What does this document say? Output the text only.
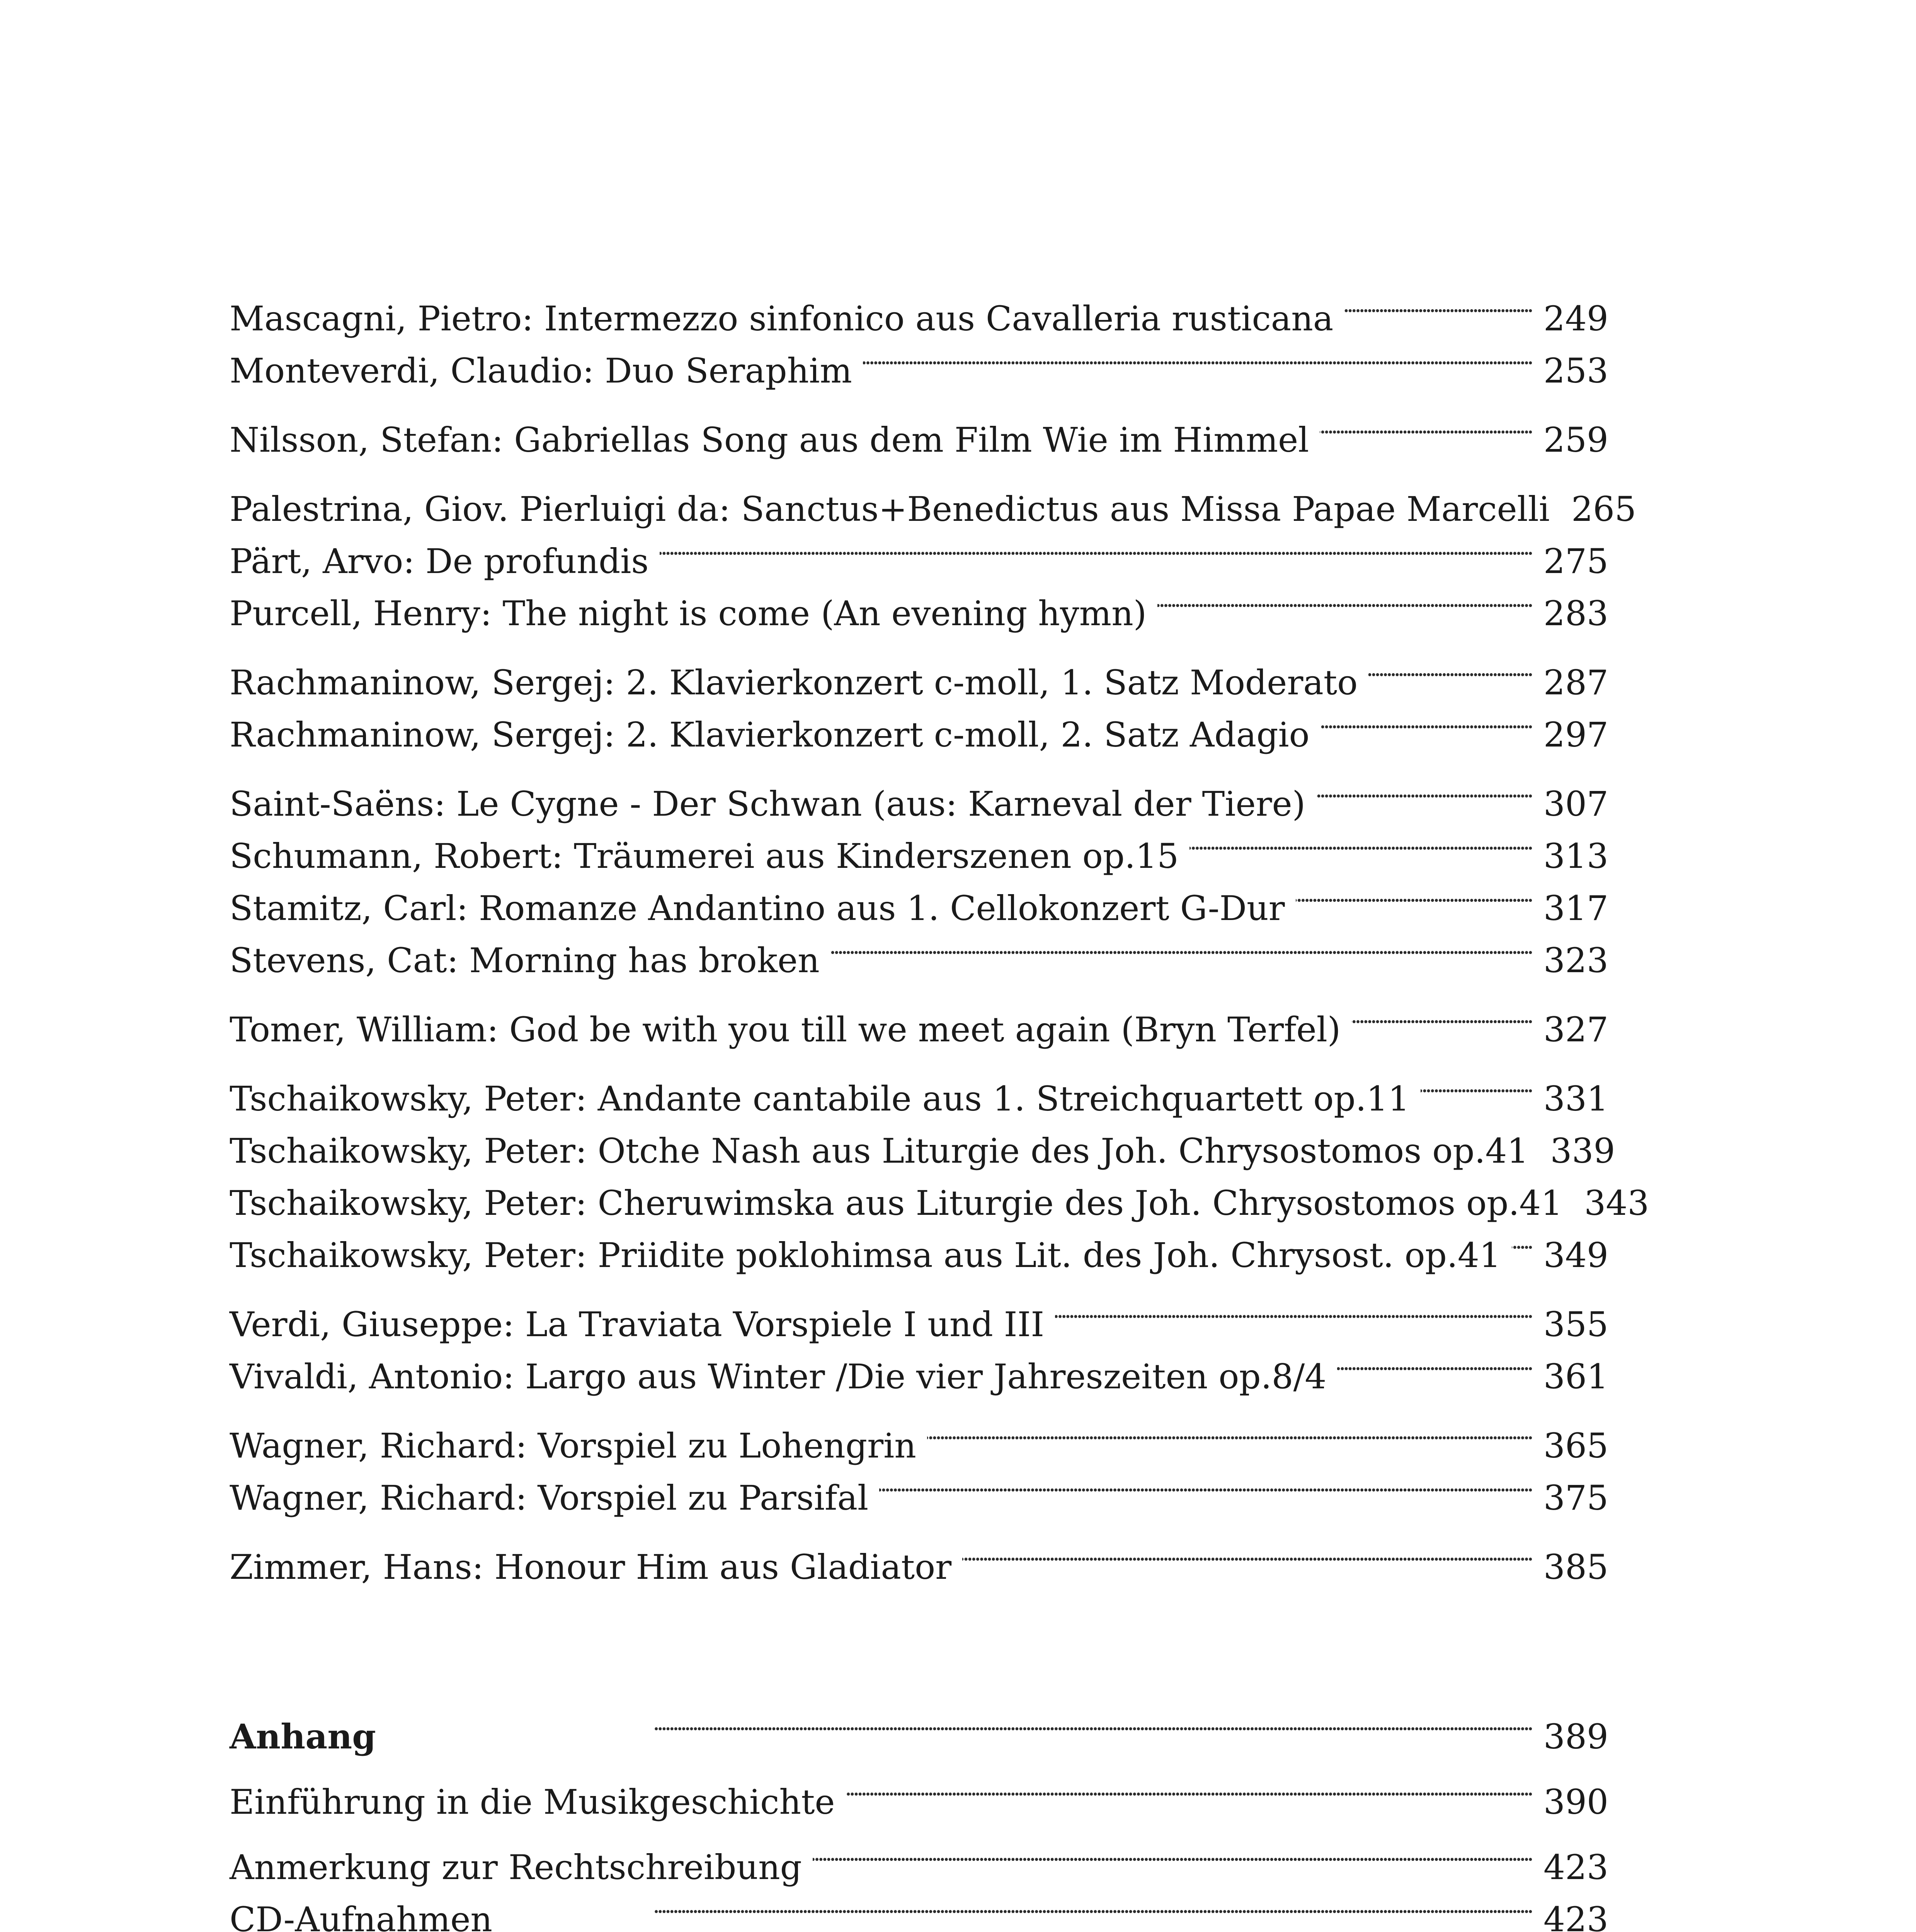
Mascagni, Pietro: Intermezzo sinfonico aus Cavalleria rusticana . . .	249
Monteverdi, Claudio: Duo Seraphim . . .	253
Nilsson, Stefan: Gabriellas Song aus dem Film Wie im Himmel . . .	259
Palestrina, Giov. Pierluigi da: Sanctus+Benedictus aus Missa Papae Marcelli 265
Pärt, Arvo: De profundis . . .	275
Purcell, Henry: The night is come (An evening hymn) . . .	283
Rachmaninow, Sergej: 2. Klavierkonzert c-moll, 1. Satz Moderato . . .	287
Rachmaninow, Sergej: 2. Klavierkonzert c-moll, 2. Satz Adagio . . .	297
Saint-Saëns: Le Cygne - Der Schwan (aus: Karneval der Tiere) . . .	307
Schumann, Robert: Träumerei aus Kinderszenen op.15 . . .	313
Stamitz, Carl: Romanze Andantino aus 1. Cellokonzert G-Dur . . .	317
Stevens, Cat: Morning has broken . . .	323
Tomer, William: God be with you till we meet again (Bryn Terfel) . . .	327
Tschaikowsky, Peter: Andante cantabile aus 1. Streichquartett op.11 . . .	331
Tschaikowsky, Peter: Otche Nash aus Liturgie des Joh. Chrysostomos op.41 339
Tschaikowsky, Peter: Cheruwimska aus Liturgie des Joh. Chrysostomos op.41 343
Tschaikowsky, Peter: Priidite poklohimsa aus Lit. des Joh. Chrysost. op.41 . . .	349
Verdi, Giuseppe: La Traviata Vorspiele I und III . . .	355
Vivaldi, Antonio: Largo aus Winter /Die vier Jahreszeiten op.8/4 . . .	361
Wagner, Richard: Vorspiel zu Lohengrin . . .	365
Wagner, Richard: Vorspiel zu Parsifal . . .	375
Zimmer, Hans: Honour Him aus Gladiator . . .	385
Anhang . . .	389
Einführung in die Musikgeschichte . . .	390
Anmerkung zur Rechtschreibung . . .	423
CD-Aufnahmen . . .	423
. . .
